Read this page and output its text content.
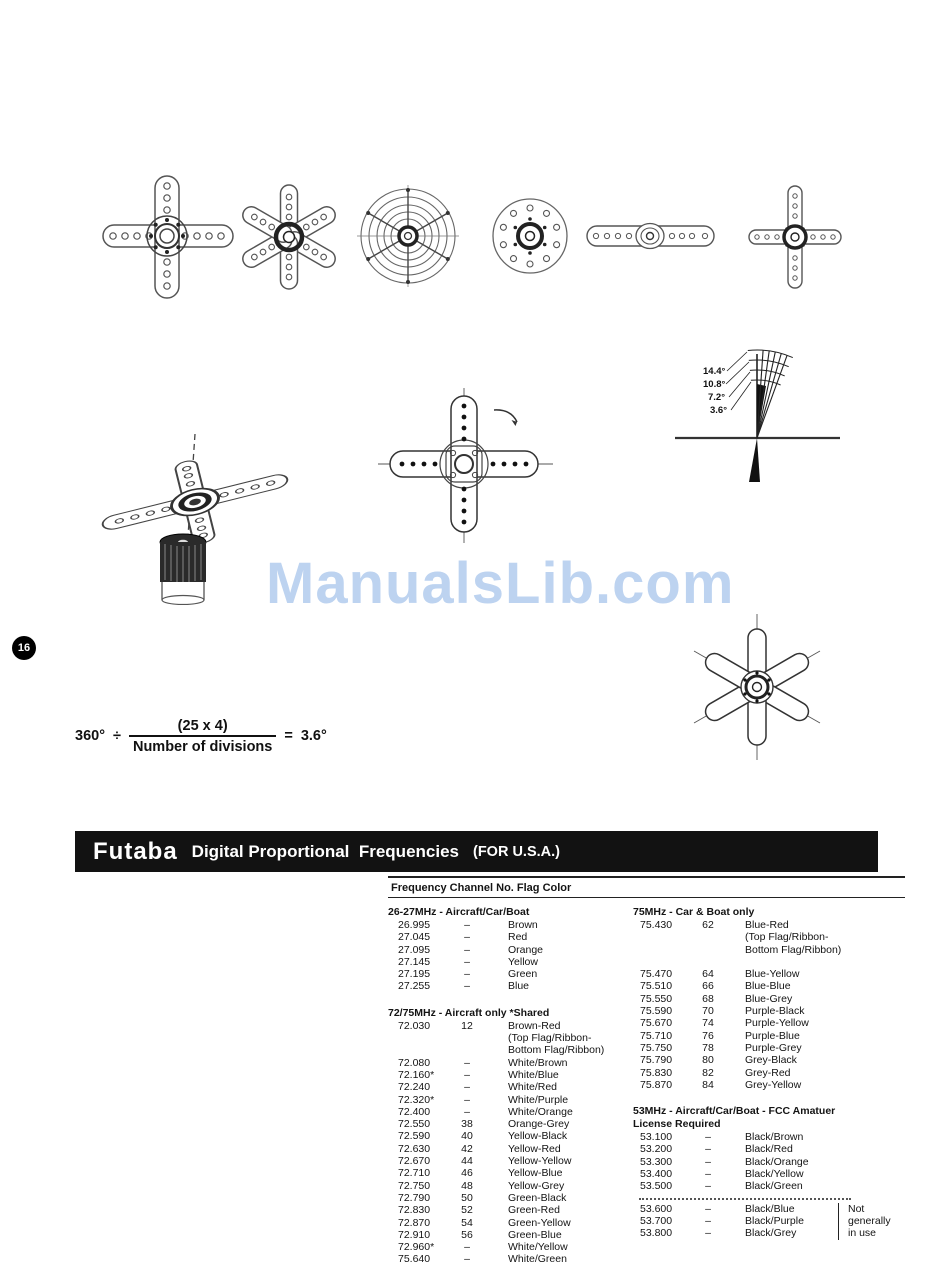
14.4°
10.8°
7.2°
3.6°
ManualsLib.com
16
$360^\circ \div \frac{(25 x 4)}{\text{Number of divisions}} = 3.6^\circ$
Futaba Digital Proportional  Frequencies (FOR U.S.A.)
Frequency Channel No. Flag Color
26-27MHz - Aircraft/Car/Boat
26.995	–	Brown
27.045	–	Red
27.095	–	Orange
27.145	–	Yellow
27.195	–	Green
27.255	–	Blue
72/75MHz - Aircraft only *Shared
72.030	12	Brown-Red
(Top Flag/Ribbon-
Bottom Flag/Ribbon)
72.080	–	White/Brown
72.160*	–	White/Blue
72.240	–	White/Red
72.320*	–	White/Purple
72.400	–	White/Orange
72.550	38	Orange-Grey
72.590	40	Yellow-Black
72.630	42	Yellow-Red
72.670	44	Yellow-Yellow
72.710	46	Yellow-Blue
72.750	48	Yellow-Grey
72.790	50	Green-Black
72.830	52	Green-Red
72.870	54	Green-Yellow
72.910	56	Green-Blue
72.960*	–	White/Yellow
75.640	–	White/Green
75MHz - Car & Boat only
75.430	62	Blue-Red
(Top Flag/Ribbon-
Bottom Flag/Ribbon)
75.470	64	Blue-Yellow
75.510	66	Blue-Blue
75.550	68	Blue-Grey
75.590	70	Purple-Black
75.670	74	Purple-Yellow
75.710	76	Purple-Blue
75.750	78	Purple-Grey
75.790	80	Grey-Black
75.830	82	Grey-Red
75.870	84	Grey-Yellow
53MHz - Aircraft/Car/Boat - FCC Amatuer
License Required
53.100	–	Black/Brown
53.200	–	Black/Red
53.300	–	Black/Orange
53.400	–	Black/Yellow
53.500	–	Black/Green
53.600	–	Black/Blue	Not
53.700	–	Black/Purple	generally
53.800	–	Black/Grey	in use
